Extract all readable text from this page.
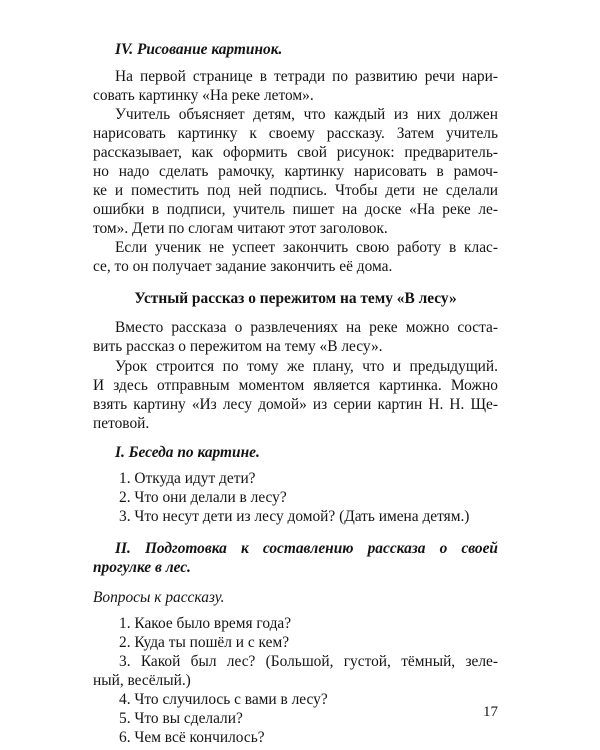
IV. Рисование картинок.

На первой странице в тетради по развитию речи нари-

совать картинку «На реке летом».

Учитель объясняет детям, что каждый из них должен

нарисовать картинку к своему рассказу. Затем учитель

рассказывает, как оформить свой рисунок: предваритель-

но надо сделать рамочку, картинку нарисовать в рамоч-

ке и поместить под ней подпись. Чтобы дети не сделали

ошибки в подписи, учитель пишет на доске «На реке ле-

том». Дети по слогам читают этот заголовок.

Если ученик не успеет закончить свою работу в клас-

се, то он получает задание закончить её дома.

Устный рассказ о пережитом на тему «В лесу»

Вместо рассказа о развлечениях на реке можно соста-

вить рассказ о пережитом на тему «В лесу».

Урок строится по тому же плану, что и предыдущий.

И здесь отправным моментом является картинка. Можно

взять картину «Из лесу домой» из серии картин Н. Н. Ще-

петовой.

I. Беседа по картине.

1. Откуда идут дети?

2. Что они делали в лесу?

3. Что несут дети из лесу домой? (Дать имена детям.)

II. Подготовка к составлению рассказа о своей

прогулке в лес.

Вопросы к рассказу.

1. Какое было время года?

2. Куда ты пошёл и с кем?

3. Какой был лес? (Большой, густой, тёмный, зеле-

ный, весёлый.)

4. Что случилось с вами в лесу?

5. Что вы сделали?

6. Чем всё кончилось?

17
